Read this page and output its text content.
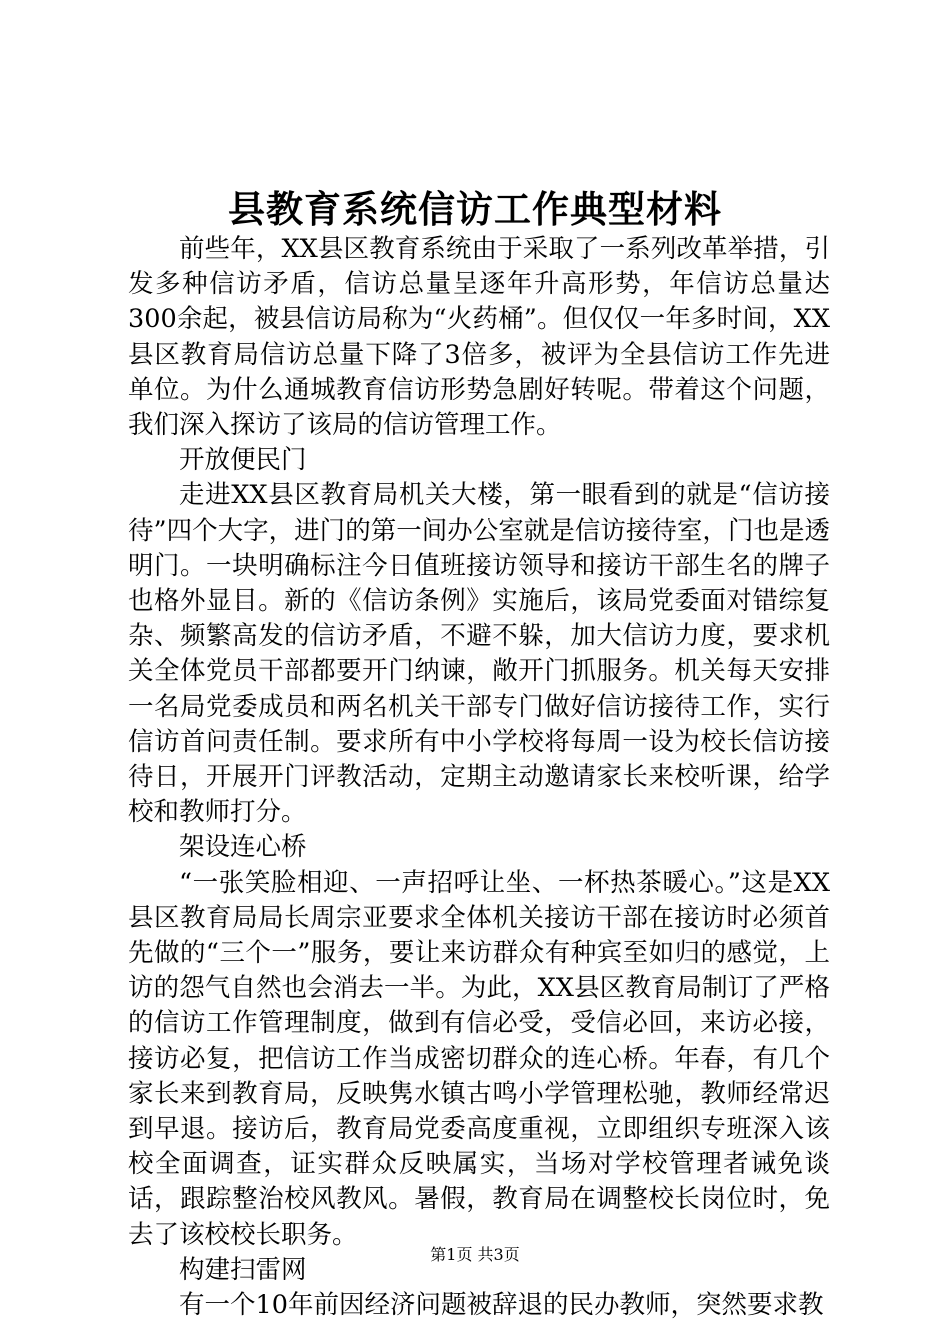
县教育系统信访工作典型材料

前些年，XX县区教育系统由于采取了一系列改革举措，引发多种信访矛盾，信访总量呈逐年升高形势，年信访总量达300余起，被县信访局称为“火药桶”。但仅仅一年多时间，XX县区教育局信访总量下降了3倍多，被评为全县信访工作先进单位。为什么通城教育信访形势急剧好转呢。带着这个问题，我们深入探访了该局的信访管理工作。

开放便民门

走进XX县区教育局机关大楼，第一眼看到的就是“信访接待”四个大字，进门的第一间办公室就是信访接待室，门也是透明门。一块明确标注今日值班接访领导和接访干部生名的牌子也格外显目。新的《信访条例》实施后，该局党委面对错综复杂、频繁高发的信访矛盾，不避不躲，加大信访力度，要求机关全体党员干部都要开门纳谏，敞开门抓服务。机关每天安排一名局党委成员和两名机关干部专门做好信访接待工作，实行信访首问责任制。要求所有中小学校将每周一设为校长信访接待日，开展开门评教活动，定期主动邀请家长来校听课，给学校和教师打分。

架设连心桥

“一张笑脸相迎、一声招呼让坐、一杯热茶暖心。”这是XX县区教育局局长周宗亚要求全体机关接访干部在接访时必须首先做的“三个一”服务，要让来访群众有种宾至如归的感觉，上访的怨气自然也会消去一半。为此，XX县区教育局制订了严格的信访工作管理制度，做到有信必受，受信必回，来访必接，接访必复，把信访工作当成密切群众的连心桥。年春，有几个家长来到教育局，反映隽水镇古鸣小学管理松驰，教师经常迟到早退。接访后，教育局党委高度重视，立即组织专班深入该校全面调查，证实群众反映属实，当场对学校管理者诫免谈话，跟踪整治校风教风。暑假，教育局在调整校长岗位时，免去了该校校长职务。

构建扫雷网

有一个10年前因经济问题被辞退的民办教师，突然要求教

第1页 共3页
